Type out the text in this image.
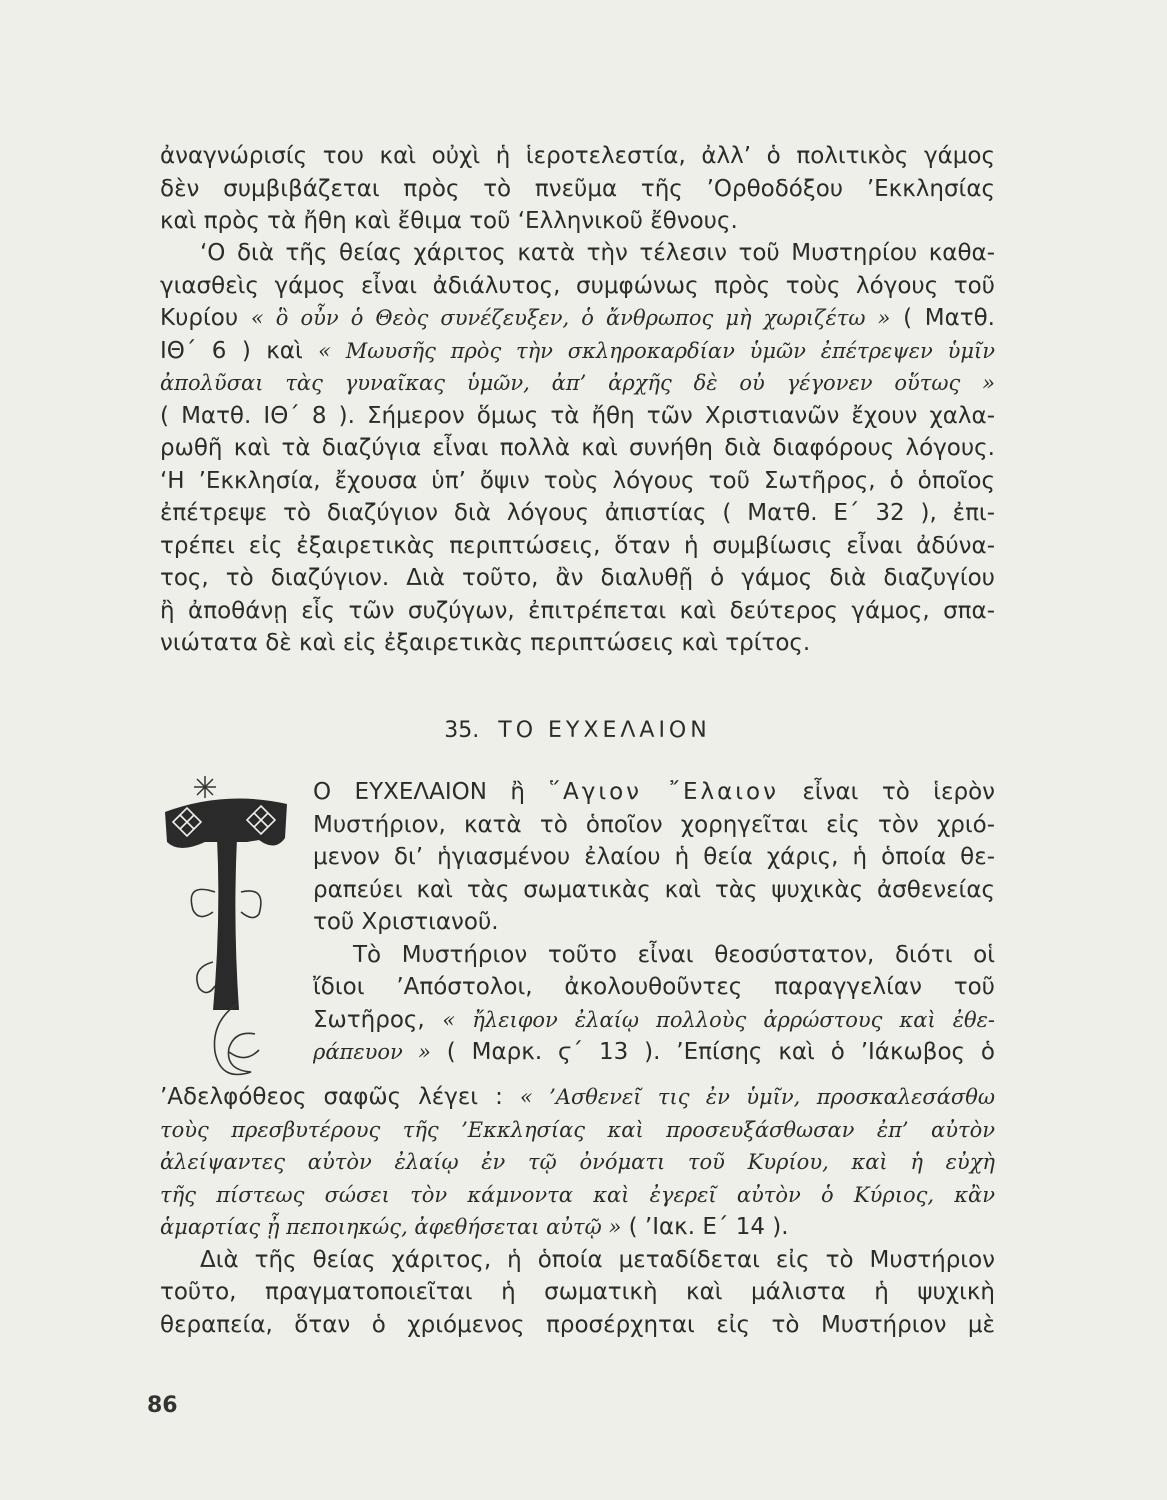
ἀναγνώρισίς του καὶ οὐχὶ ἡ ἱεροτελεστία, ἀλλ’ ὁ πολιτικὸς γάμος
δὲν συμβιβάζεται πρὸς τὸ πνεῦμα τῆς ’Ορθοδόξου ’Εκκλησίας
καὶ πρὸς τὰ ἤθη καὶ ἔθιμα τοῦ ‘Ελληνικοῦ ἔθνους.
‘Ο διὰ τῆς θείας χάριτος κατὰ τὴν τέλεσιν τοῦ Μυστηρίου καθα-
γιασθεὶς γάμος εἶναι ἀδιάλυτος, συμφώνως πρὸς τοὺς λόγους τοῦ
Κυρίου « ὃ οὖν ὁ Θεὸς συνέζευξεν, ὁ ἄνθρωπος μὴ χωριζέτω » ( Ματθ.
ΙΘ΄ 6 ) καὶ « Μωυσῆς πρὸς τὴν σκληροκαρδίαν ὑμῶν ἐπέτρεψεν ὑμῖν
ἀπολῦσαι τὰς γυναῖκας ὑμῶν, ἀπ’ ἀρχῆς δὲ οὐ γέγονεν οὕτως »
( Ματθ. ΙΘ΄ 8 ). Σήμερον ὅμως τὰ ἤθη τῶν Χριστιανῶν ἔχουν χαλα-
ρωθῆ καὶ τὰ διαζύγια εἶναι πολλὰ καὶ συνήθη διὰ διαφόρους λόγους.
‘Η ’Εκκλησία, ἔχουσα ὑπ’ ὄψιν τοὺς λόγους τοῦ Σωτῆρος, ὁ ὁποῖος
ἐπέτρεψε τὸ διαζύγιον διὰ λόγους ἀπιστίας ( Ματθ. Ε΄ 32 ), ἐπι-
τρέπει εἰς ἐξαιρετικὰς περιπτώσεις, ὅταν ἡ συμβίωσις εἶναι ἀδύνα-
τος, τὸ διαζύγιον. Διὰ τοῦτο, ἂν διαλυθῇ ὁ γάμος διὰ διαζυγίου
ἢ ἀποθάνῃ εἷς τῶν συζύγων, ἐπιτρέπεται καὶ δεύτερος γάμος, σπα-
νιώτατα δὲ καὶ εἰς ἐξαιρετικὰς περιπτώσεις καὶ τρίτος.
35. ΤΟ ΕΥΧΕΛΑΙΟΝ
Ο ΕΥΧΕΛΑΙΟΝ ἢ ῞Αγιον ῎Ελαιον εἶναι τὸ ἱερὸν
Μυστήριον, κατὰ τὸ ὁποῖον χορηγεῖται εἰς τὸν χριό-
μενον δι’ ἡγιασμένου ἐλαίου ἡ θεία χάρις, ἡ ὁποία θε-
ραπεύει καὶ τὰς σωματικὰς καὶ τὰς ψυχικὰς ἀσθενείας
τοῦ Χριστιανοῦ.
Τὸ Μυστήριον τοῦτο εἶναι θεοσύστατον, διότι οἱ
ἴδιοι ’Απόστολοι, ἀκολουθοῦντες παραγγελίαν τοῦ
Σωτῆρος, « ἤλειφον ἐλαίῳ πολλοὺς ἀρρώστους καὶ ἐθε-
ράπευον » ( Μαρκ. ϛ΄ 13 ). ’Επίσης καὶ ὁ ’Ιάκωβος ὁ
’Αδελφόθεος σαφῶς λέγει : « ’Ασθενεῖ τις ἐν ὑμῖν, προσκαλεσάσθω
τοὺς πρεσβυτέρους τῆς ’Εκκλησίας καὶ προσευξάσθωσαν ἐπ’ αὐτὸν
ἀλείψαντες αὐτὸν ἐλαίῳ ἐν τῷ ὀνόματι τοῦ Κυρίου, καὶ ἡ εὐχὴ
τῆς πίστεως σώσει τὸν κάμνοντα καὶ ἐγερεῖ αὐτὸν ὁ Κύριος, κἂν
ἁμαρτίας ᾖ πεποιηκώς, ἀφεθήσεται αὐτῷ » ( ’Ιακ. Ε΄ 14 ).
Διὰ τῆς θείας χάριτος, ἡ ὁποία μεταδίδεται εἰς τὸ Μυστήριον
τοῦτο, πραγματοποιεῖται ἡ σωματικὴ καὶ μάλιστα ἡ ψυχικὴ
θεραπεία, ὅταν ὁ χριόμενος προσέρχηται εἰς τὸ Μυστήριον μὲ
86
